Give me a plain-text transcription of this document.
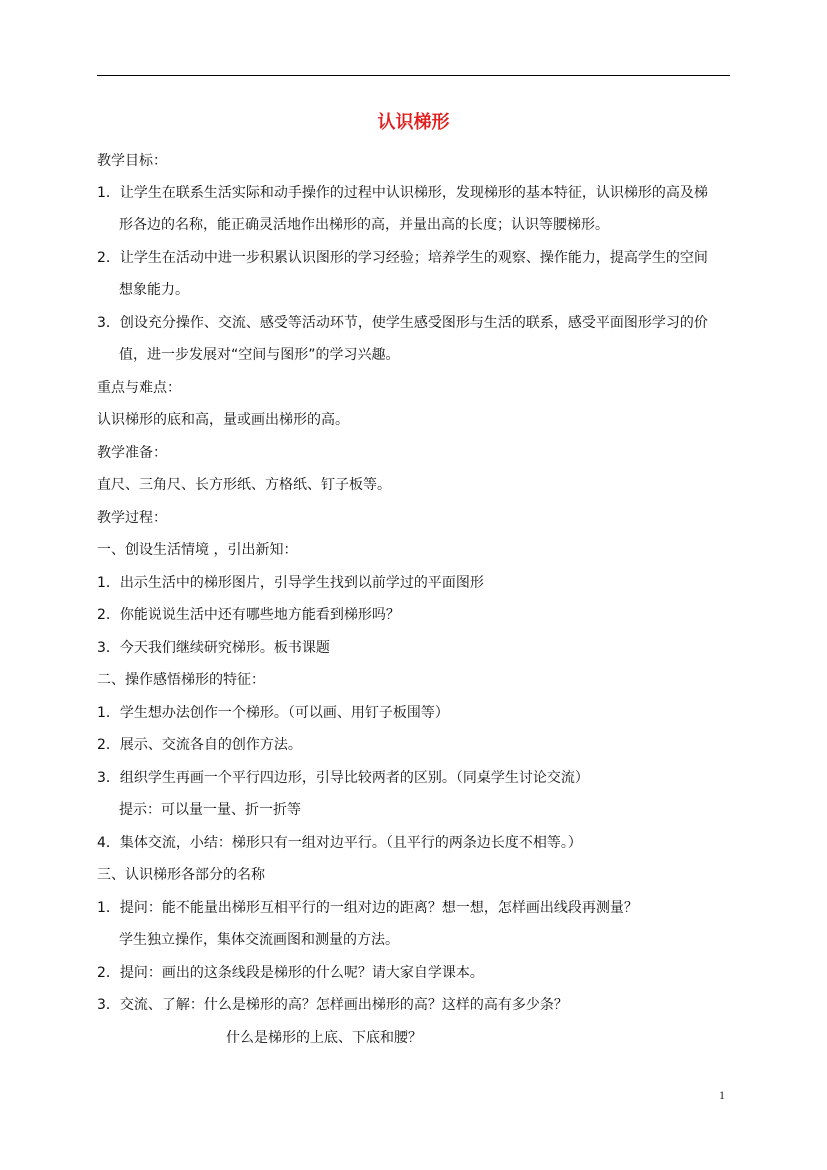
认识梯形
教学目标：
1．让学生在联系生活实际和动手操作的过程中认识梯形，发现梯形的基本特征，认识梯形的高及梯
形各边的名称，能正确灵活地作出梯形的高，并量出高的长度；认识等腰梯形。
2．让学生在活动中进一步积累认识图形的学习经验；培养学生的观察、操作能力，提高学生的空间
想象能力。
3．创设充分操作、交流、感受等活动环节，使学生感受图形与生活的联系，感受平面图形学习的价
值，进一步发展对“空间与图形”的学习兴趣。
重点与难点：
认识梯形的底和高，量或画出梯形的高。
教学准备：
直尺、三角尺、长方形纸、方格纸、钉子板等。
教学过程：
一、创设生活情境 ，引出新知：
1．出示生活中的梯形图片，引导学生找到以前学过的平面图形
2．你能说说生活中还有哪些地方能看到梯形吗？
3．今天我们继续研究梯形。板书课题
二、操作感悟梯形的特征：
1．学生想办法创作一个梯形。（可以画、用钉子板围等）
2．展示、交流各自的创作方法。
3．组织学生再画一个平行四边形，引导比较两者的区别。（同桌学生讨论交流）
提示：可以量一量、折一折等
4．集体交流，小结：梯形只有一组对边平行。（且平行的两条边长度不相等。）
三、认识梯形各部分的名称
1．提问：能不能量出梯形互相平行的一组对边的距离？想一想，怎样画出线段再测量？
学生独立操作，集体交流画图和测量的方法。
2．提问：画出的这条线段是梯形的什么呢？请大家自学课本。
3．交流、了解：什么是梯形的高？怎样画出梯形的高？这样的高有多少条？
什么是梯形的上底、下底和腰？
1
